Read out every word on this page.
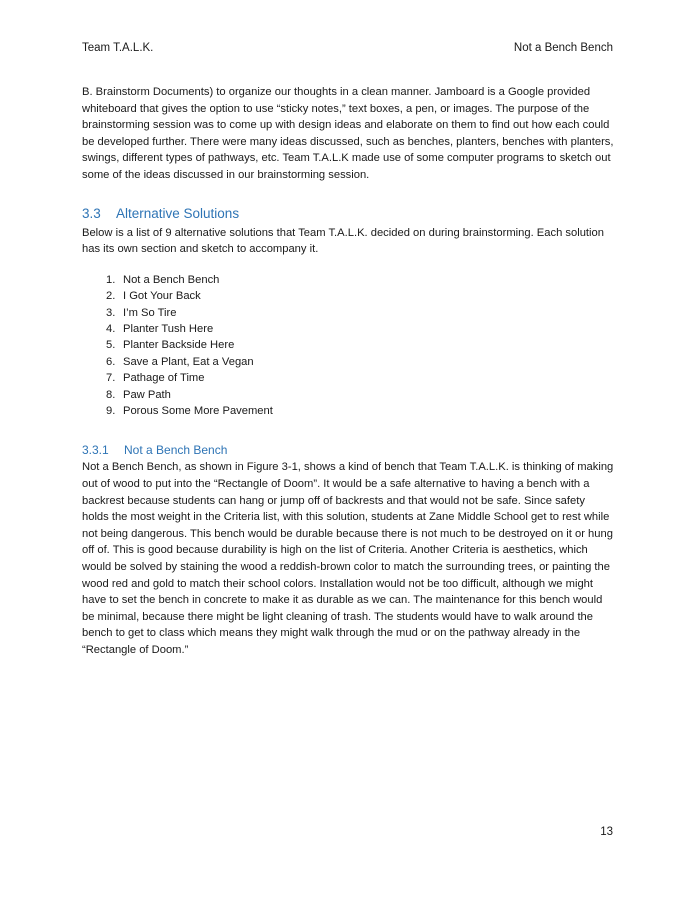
Team T.A.L.K.	Not a Bench Bench

B. Brainstorm Documents) to organize our thoughts in a clean manner. Jamboard is a Google provided whiteboard that gives the option to use “sticky notes,” text boxes, a pen, or images. The purpose of the brainstorming session was to come up with design ideas and elaborate on them to find out how each could be developed further. There were many ideas discussed, such as benches, planters, benches with planters, swings, different types of pathways, etc. Team T.A.L.K made use of some computer programs to sketch out some of the ideas discussed in our brainstorming session.

3.3 Alternative Solutions

Below is a list of 9 alternative solutions that Team T.A.L.K. decided on during brainstorming. Each solution has its own section and sketch to accompany it.

1. Not a Bench Bench
2. I Got Your Back
3. I’m So Tire
4. Planter Tush Here
5. Planter Backside Here
6. Save a Plant, Eat a Vegan
7. Pathage of Time
8. Paw Path
9. Porous Some More Pavement
3.3.1 Not a Bench Bench

Not a Bench Bench, as shown in Figure 3-1, shows a kind of bench that Team T.A.L.K. is thinking of making out of wood to put into the “Rectangle of Doom”. It would be a safe alternative to having a bench with a backrest because students can hang or jump off of backrests and that would not be safe. Since safety holds the most weight in the Criteria list, with this solution, students at Zane Middle School get to rest while not being dangerous. This bench would be durable because there is not much to be destroyed on it or hung off of. This is good because durability is high on the list of Criteria. Another Criteria is aesthetics, which would be solved by staining the wood a reddish-brown color to match the surrounding trees, or painting the wood red and gold to match their school colors. Installation would not be too difficult, although we might have to set the bench in concrete to make it as durable as we can. The maintenance for this bench would be minimal, because there might be light cleaning of trash. The students would have to walk around the bench to get to class which means they might walk through the mud or on the pathway already in the “Rectangle of Doom.”

13
